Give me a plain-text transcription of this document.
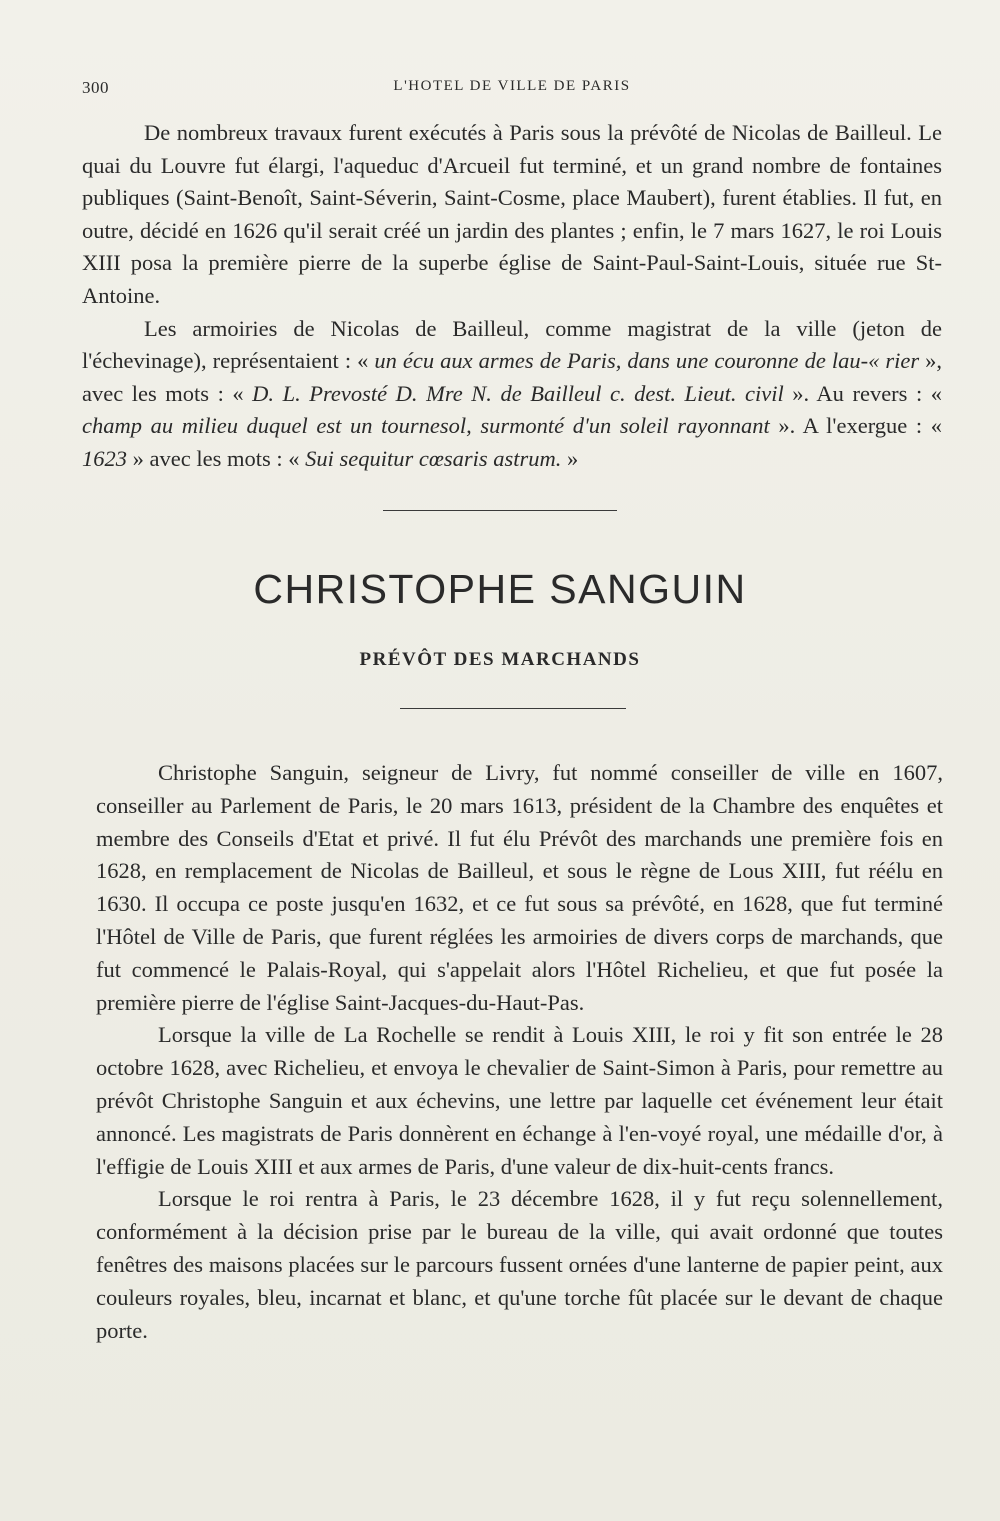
300	L'HOTEL DE VILLE DE PARIS

De nombreux travaux furent exécutés à Paris sous la prévôté de Nicolas de Bailleul. Le quai du Louvre fut élargi, l'aqueduc d'Arcueil fut terminé, et un grand nombre de fontaines publiques (Saint-Benoît, Saint-Séverin, Saint-Cosme, place Maubert), furent établies. Il fut, en outre, décidé en 1626 qu'il serait créé un jardin des plantes ; enfin, le 7 mars 1627, le roi Louis XIII posa la première pierre de la superbe église de Saint-Paul-Saint-Louis, située rue St-Antoine.

Les armoiries de Nicolas de Bailleul, comme magistrat de la ville (jeton de l'échevinage), représentaient : « un écu aux armes de Paris, dans une couronne de lau-« rier », avec les mots : « D. L. Prevosté D. Mre N. de Bailleul c. dest. Lieut. civil ». Au revers : « champ au milieu duquel est un tournesol, surmonté d'un soleil rayonnant ». A l'exergue : « 1623 » avec les mots : « Sui sequitur cœsaris astrum. »

CHRISTOPHE SANGUIN
PRÉVÔT DES MARCHANDS

Christophe Sanguin, seigneur de Livry, fut nommé conseiller de ville en 1607, conseiller au Parlement de Paris, le 20 mars 1613, président de la Chambre des enquêtes et membre des Conseils d'Etat et privé. Il fut élu Prévôt des marchands une première fois en 1628, en remplacement de Nicolas de Bailleul, et sous le règne de Lous XIII, fut réélu en 1630. Il occupa ce poste jusqu'en 1632, et ce fut sous sa prévôté, en 1628, que fut terminé l'Hôtel de Ville de Paris, que furent réglées les armoiries de divers corps de marchands, que fut commencé le Palais-Royal, qui s'appelait alors l'Hôtel Richelieu, et que fut posée la première pierre de l'église Saint-Jacques-du-Haut-Pas.

Lorsque la ville de La Rochelle se rendit à Louis XIII, le roi y fit son entrée le 28 octobre 1628, avec Richelieu, et envoya le chevalier de Saint-Simon à Paris, pour remettre au prévôt Christophe Sanguin et aux échevins, une lettre par laquelle cet événement leur était annoncé. Les magistrats de Paris donnèrent en échange à l'en-voyé royal, une médaille d'or, à l'effigie de Louis XIII et aux armes de Paris, d'une valeur de dix-huit-cents francs.

Lorsque le roi rentra à Paris, le 23 décembre 1628, il y fut reçu solennellement, conformément à la décision prise par le bureau de la ville, qui avait ordonné que toutes fenêtres des maisons placées sur le parcours fussent ornées d'une lanterne de papier peint, aux couleurs royales, bleu, incarnat et blanc, et qu'une torche fût placée sur le devant de chaque porte.
